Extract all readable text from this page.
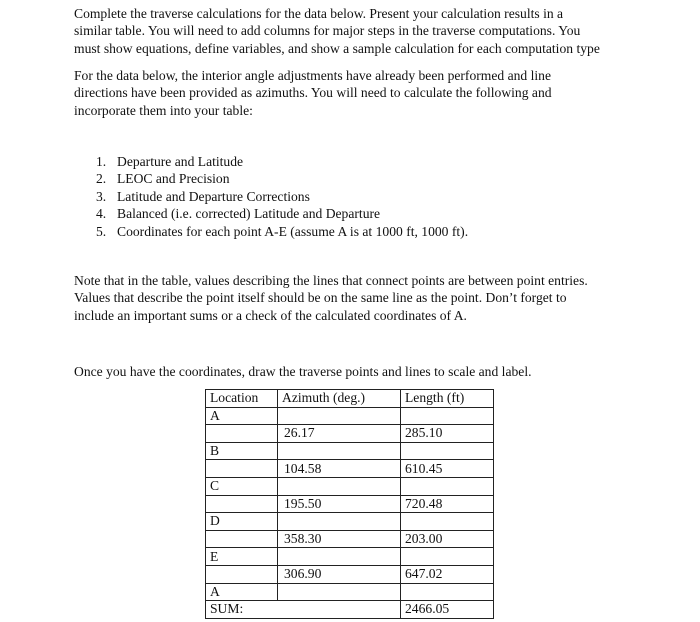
Complete the traverse calculations for the data below. Present your calculation results in a
similar table. You will need to add columns for major steps in the traverse computations. You
must show equations, define variables, and show a sample calculation for each computation type
For the data below, the interior angle adjustments have already been performed and line
directions have been provided as azimuths. You will need to calculate the following and
incorporate them into your table:
1. Departure and Latitude
2. LEOC and Precision
3. Latitude and Departure Corrections
4. Balanced (i.e. corrected) Latitude and Departure
5. Coordinates for each point A-E (assume A is at 1000 ft, 1000 ft).
Note that in the table, values describing the lines that connect points are between point entries.
Values that describe the point itself should be on the same line as the point. Don’t forget to
include an important sums or a check of the calculated coordinates of A.
Once you have the coordinates, draw the traverse points and lines to scale and label.
Location	Azimuth (deg.)	Length (ft)
A		
	26.17	285.10
B		
	104.58	610.45
C		
	195.50	720.48
D		
	358.30	203.00
E		
	306.90	647.02
A		
SUM:		2466.05
